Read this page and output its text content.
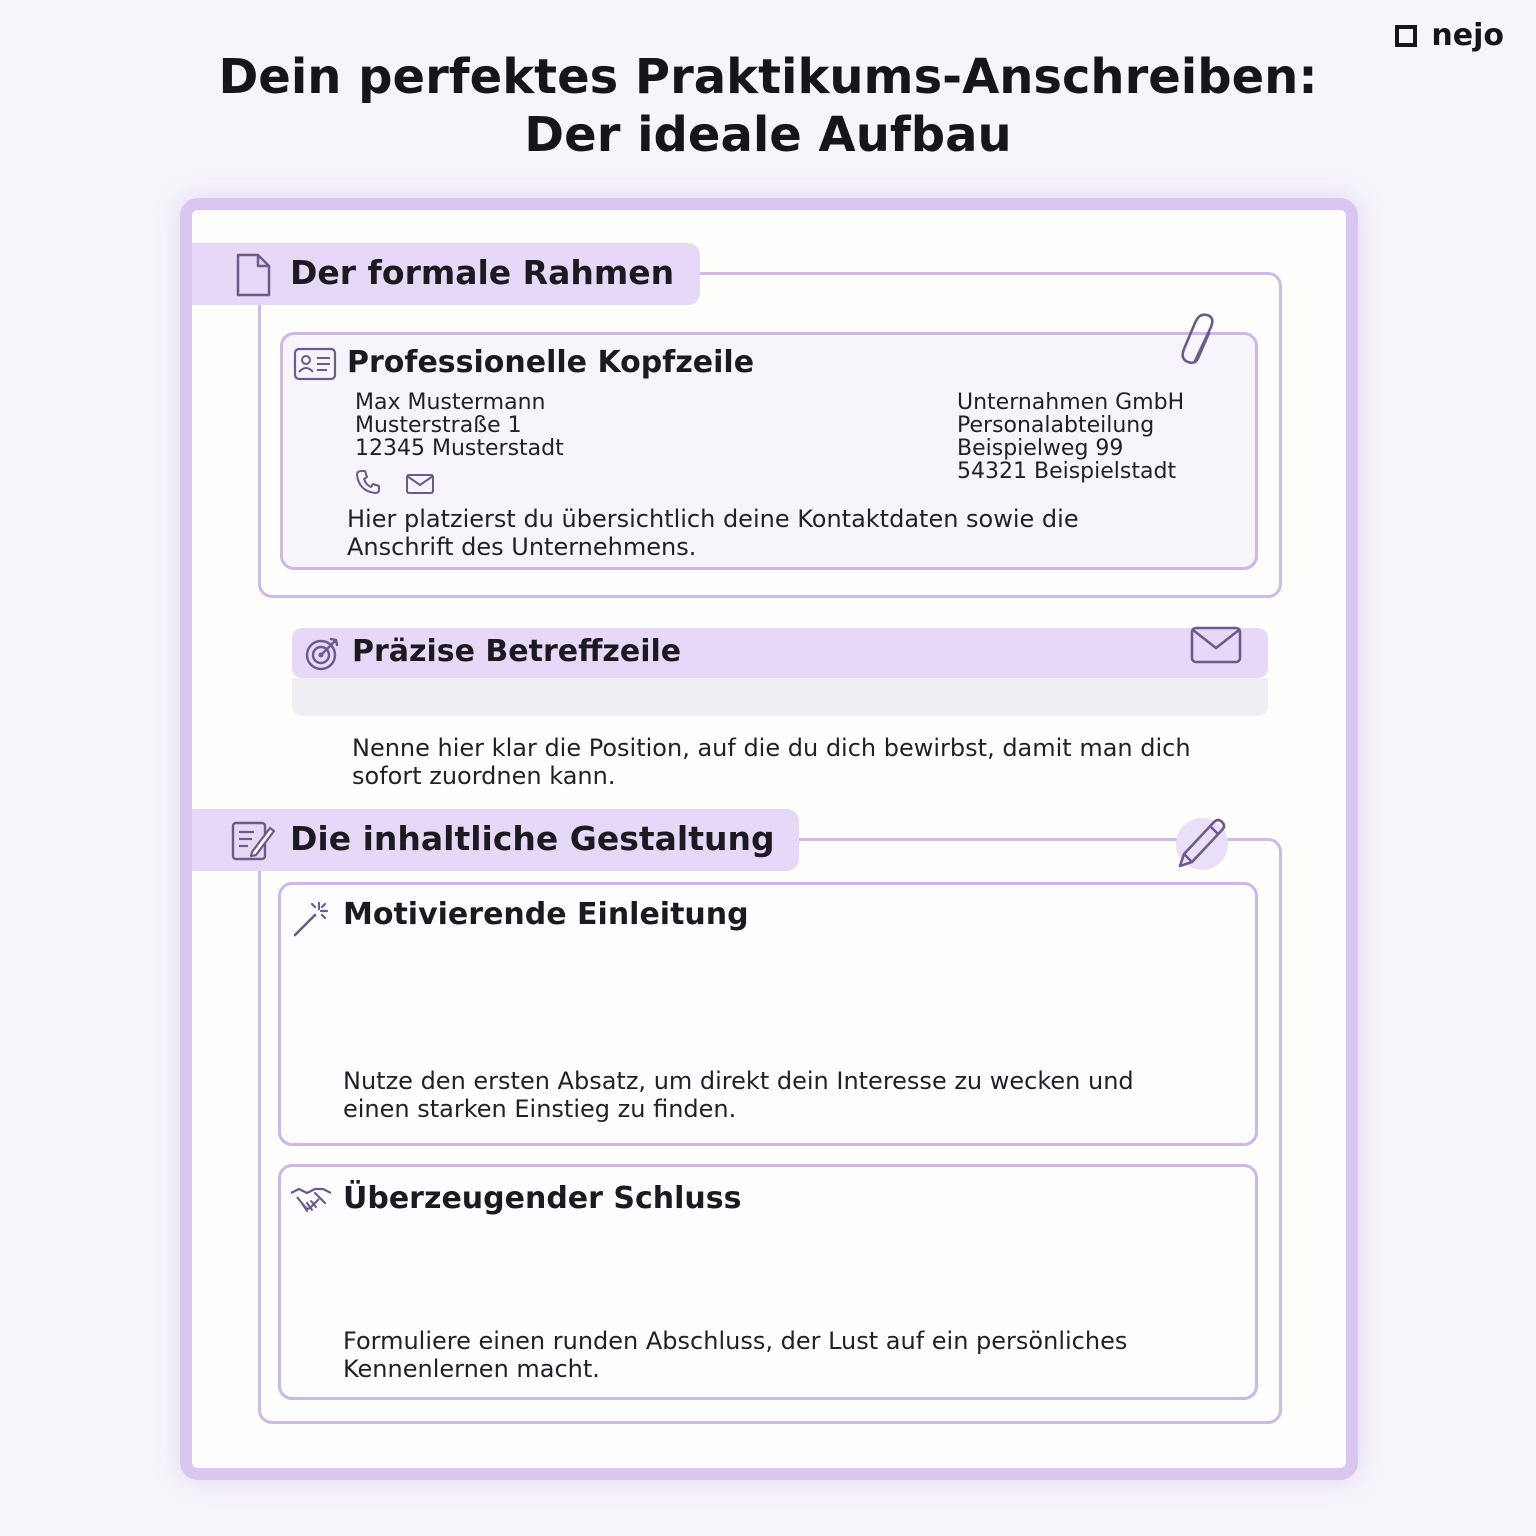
nejo
Dein perfektes Praktikums-Anschreiben:
Der ideale Aufbau
Der formale Rahmen
Professionelle Kopfzeile
Max Mustermann
Musterstraße 1
12345 Musterstadt
Unternahmen GmbH
Personalabteilung
Beispielweg 99
54321 Beispielstadt
Hier platzierst du übersichtlich deine Kontaktdaten sowie die Anschrift des Unternehmens.
Präzise Betreffzeile
Nenne hier klar die Position, auf die du dich bewirbst, damit man dich sofort zuordnen kann.
Die inhaltliche Gestaltung
Motivierende Einleitung
Nutze den ersten Absatz, um direkt dein Interesse zu wecken und einen starken Einstieg zu finden.
Überzeugender Schluss
Formuliere einen runden Abschluss, der Lust auf ein persönliches Kennenlernen macht.
